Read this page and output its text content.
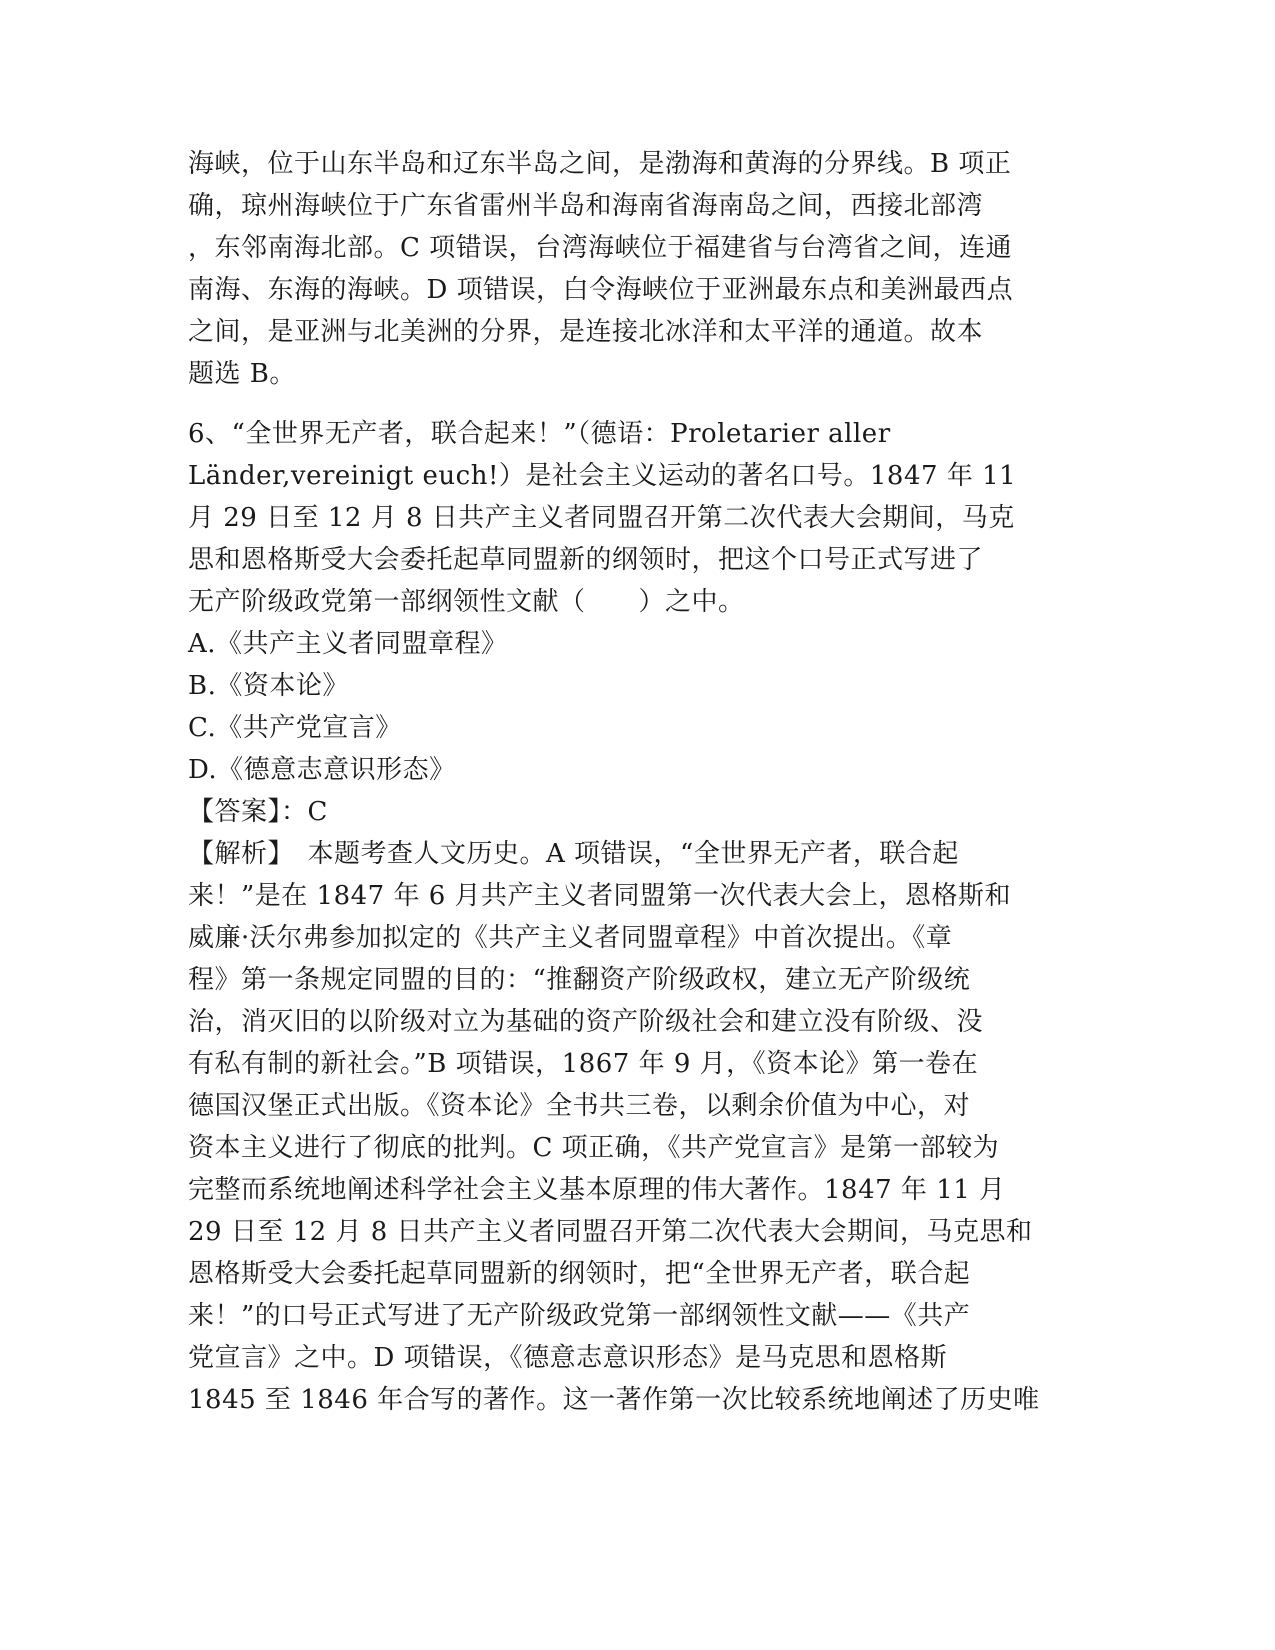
海峡，位于山东半岛和辽东半岛之间，是渤海和黄海的分界线。B 项正
确，琼州海峡位于广东省雷州半岛和海南省海南岛之间，西接北部湾
，东邻南海北部。C 项错误，台湾海峡位于福建省与台湾省之间，连通
南海、东海的海峡。D 项错误，白令海峡位于亚洲最东点和美洲最西点
之间，是亚洲与北美洲的分界，是连接北冰洋和太平洋的通道。故本
题选 B。
6、“全世界无产者，联合起来！”（德语：Proletarier aller
Länder,vereinigt euch!）是社会主义运动的著名口号。1847 年 11
月 29 日至 12 月 8 日共产主义者同盟召开第二次代表大会期间，马克
思和恩格斯受大会委托起草同盟新的纲领时，把这个口号正式写进了
无产阶级政党第一部纲领性文献（　　）之中。
A.《共产主义者同盟章程》
B.《资本论》
C.《共产党宣言》
D.《德意志意识形态》
【答案】：C
【解析】　本题考查人文历史。A 项错误，“全世界无产者，联合起
来！”是在 1847 年 6 月共产主义者同盟第一次代表大会上，恩格斯和
威廉·沃尔弗参加拟定的《共产主义者同盟章程》中首次提出。《章
程》第一条规定同盟的目的：“推翻资产阶级政权，建立无产阶级统
治，消灭旧的以阶级对立为基础的资产阶级社会和建立没有阶级、没
有私有制的新社会。”B 项错误，1867 年 9 月，《资本论》第一卷在
德国汉堡正式出版。《资本论》全书共三卷，以剩余价值为中心，对
资本主义进行了彻底的批判。C 项正确，《共产党宣言》是第一部较为
完整而系统地阐述科学社会主义基本原理的伟大著作。1847 年 11 月
29 日至 12 月 8 日共产主义者同盟召开第二次代表大会期间，马克思和
恩格斯受大会委托起草同盟新的纲领时，把“全世界无产者，联合起
来！”的口号正式写进了无产阶级政党第一部纲领性文献——《共产
党宣言》之中。D 项错误，《德意志意识形态》是马克思和恩格斯
1845 至 1846 年合写的著作。这一著作第一次比较系统地阐述了历史唯
